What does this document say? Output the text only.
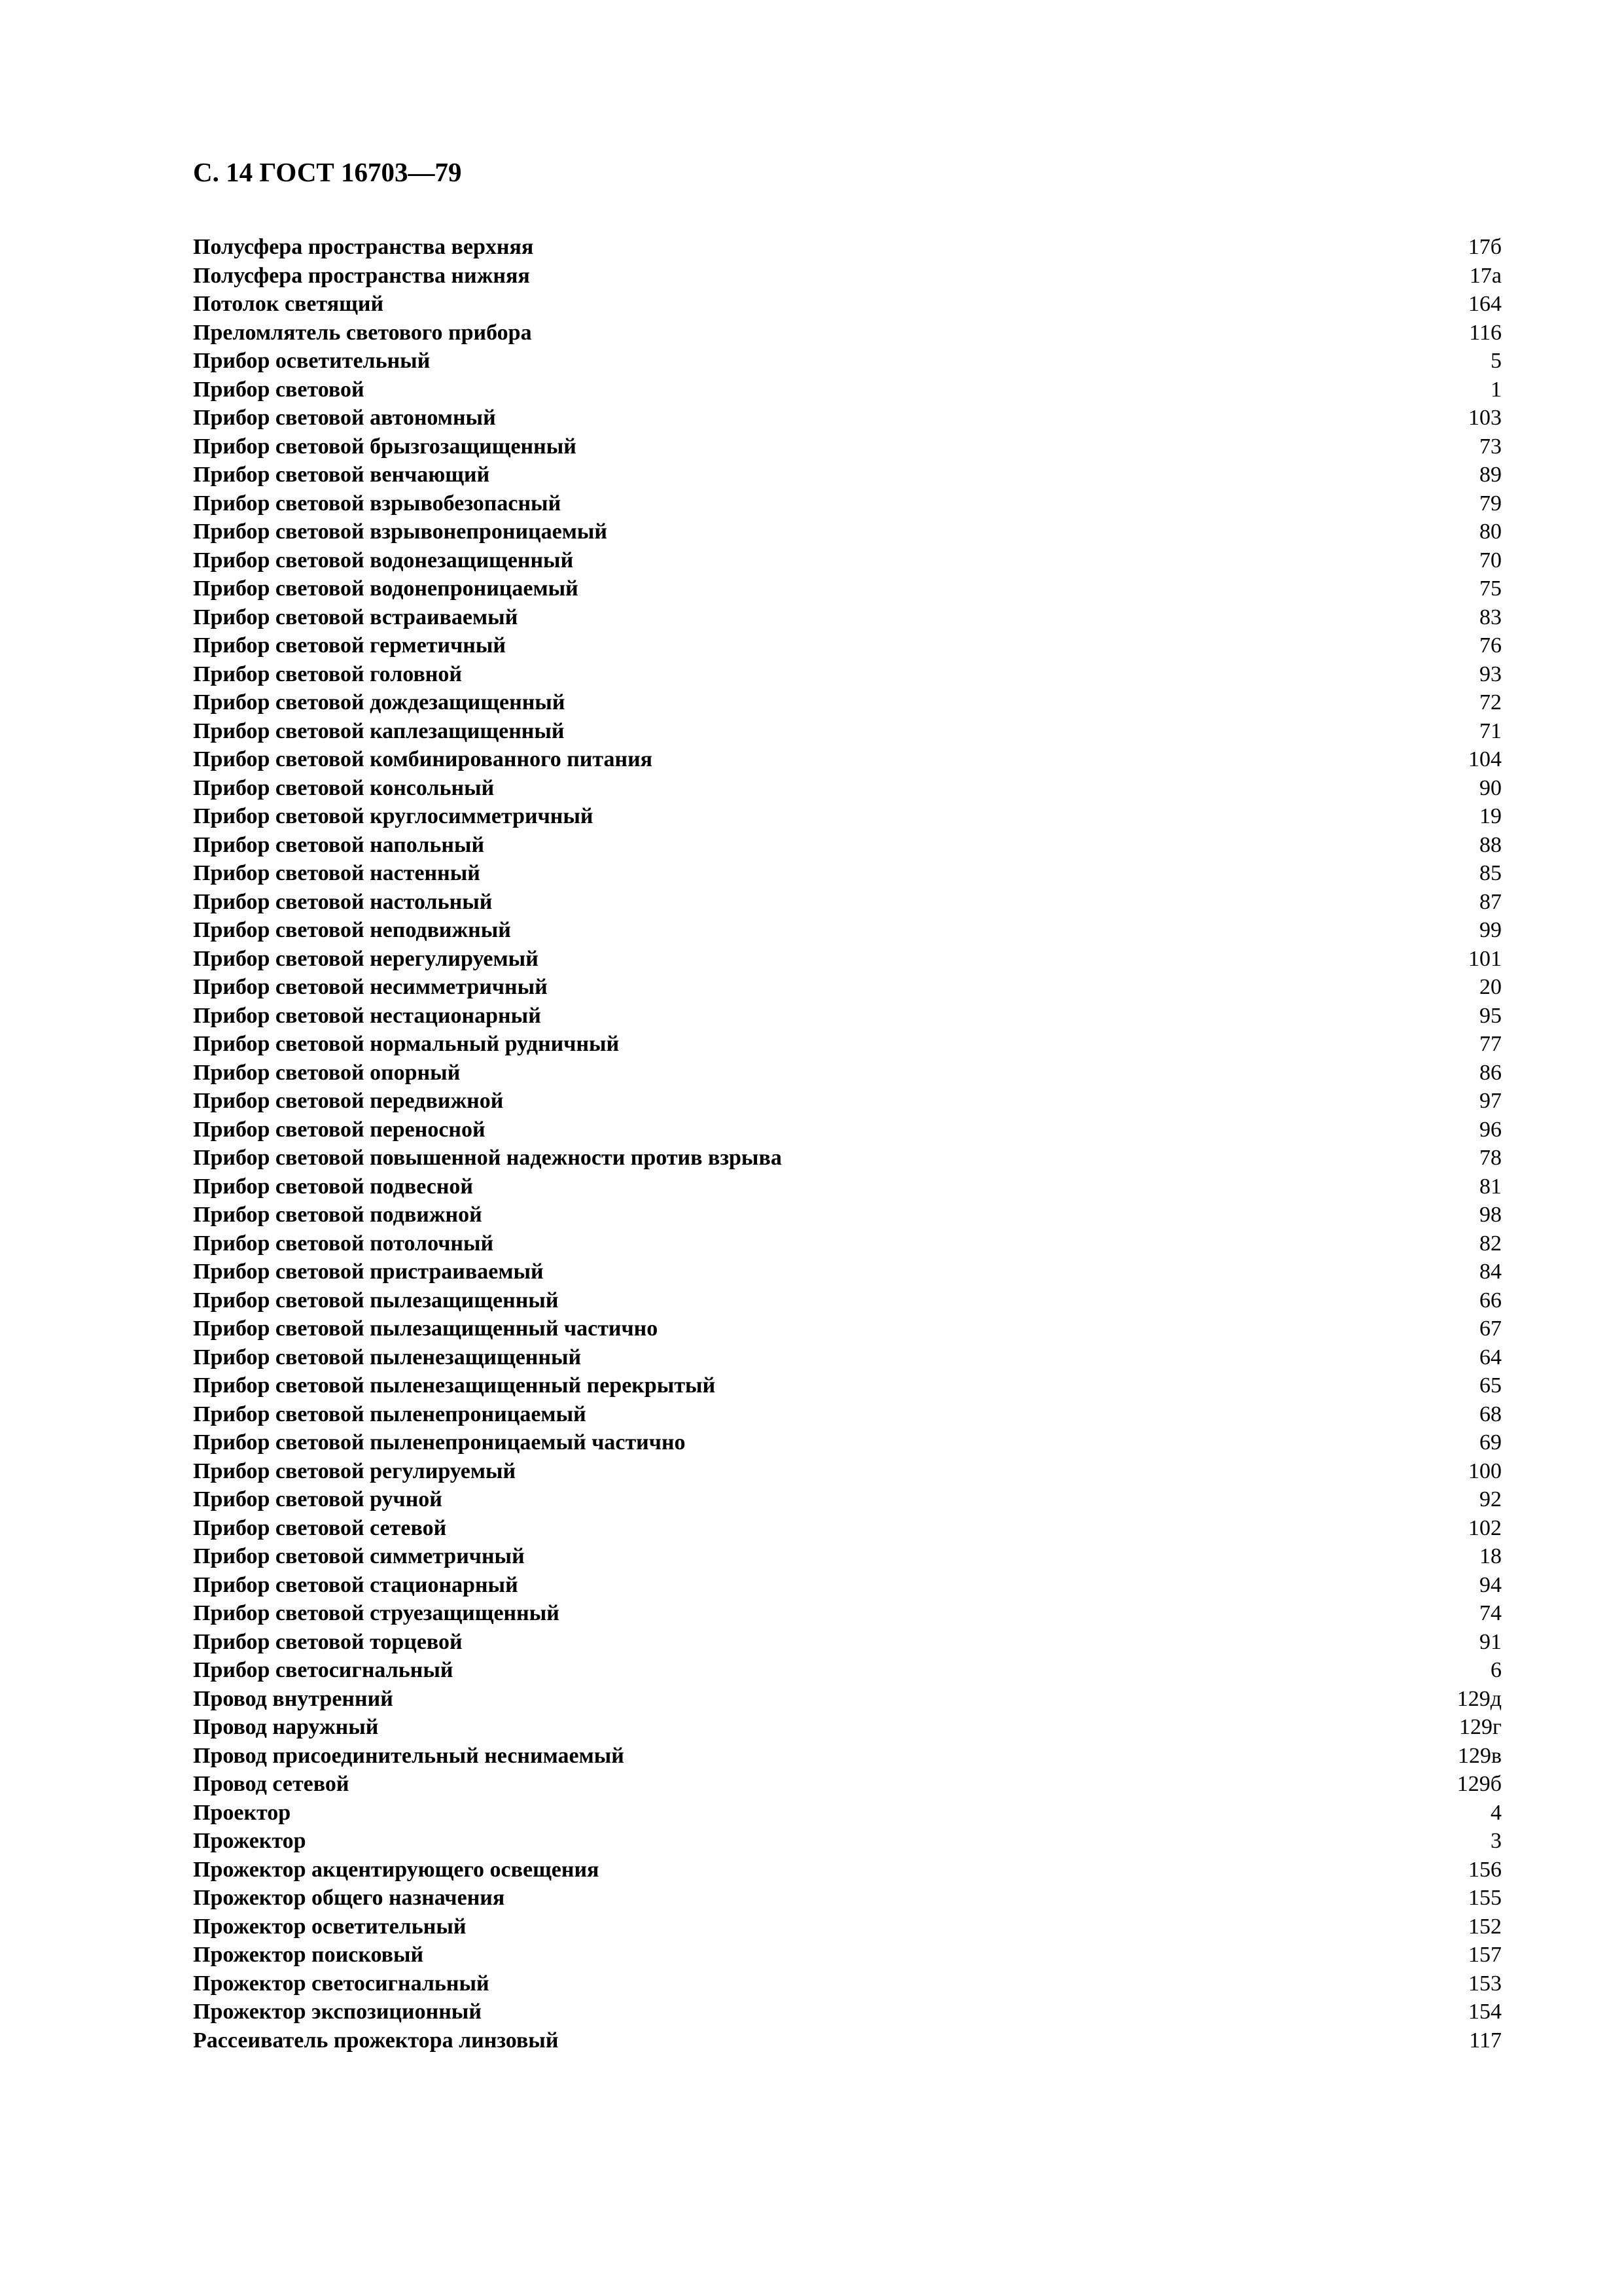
С. 14 ГОСТ 16703—79
Полусфера пространства верхняя	17б
Полусфера пространства нижняя	17а
Потолок светящий	164
Преломлятель светового прибора	116
Прибор осветительный	5
Прибор световой	1
Прибор световой автономный	103
Прибор световой брызгозащищенный	73
Прибор световой венчающий	89
Прибор световой взрывобезопасный	79
Прибор световой взрывонепроницаемый	80
Прибор световой водонезащищенный	70
Прибор световой водонепроницаемый	75
Прибор световой встраиваемый	83
Прибор световой герметичный	76
Прибор световой головной	93
Прибор световой дождезащищенный	72
Прибор световой каплезащищенный	71
Прибор световой комбинированного питания	104
Прибор световой консольный	90
Прибор световой круглосимметричный	19
Прибор световой напольный	88
Прибор световой настенный	85
Прибор световой настольный	87
Прибор световой неподвижный	99
Прибор световой нерегулируемый	101
Прибор световой несимметричный	20
Прибор световой нестационарный	95
Прибор световой нормальный рудничный	77
Прибор световой опорный	86
Прибор световой передвижной	97
Прибор световой переносной	96
Прибор световой повышенной надежности против взрыва	78
Прибор световой подвесной	81
Прибор световой подвижной	98
Прибор световой потолочный	82
Прибор световой пристраиваемый	84
Прибор световой пылезащищенный	66
Прибор световой пылезащищенный частично	67
Прибор световой пыленезащищенный	64
Прибор световой пыленезащищенный перекрытый	65
Прибор световой пыленепроницаемый	68
Прибор световой пыленепроницаемый частично	69
Прибор световой регулируемый	100
Прибор световой ручной	92
Прибор световой сетевой	102
Прибор световой симметричный	18
Прибор световой стационарный	94
Прибор световой струезащищенный	74
Прибор световой торцевой	91
Прибор светосигнальный	6
Провод внутренний	129д
Провод наружный	129г
Провод присоединительный неснимаемый	129в
Провод сетевой	129б
Проектор	4
Прожектор	3
Прожектор акцентирующего освещения	156
Прожектор общего назначения	155
Прожектор осветительный	152
Прожектор поисковый	157
Прожектор светосигнальный	153
Прожектор экспозиционный	154
Рассеиватель прожектора линзовый	117
